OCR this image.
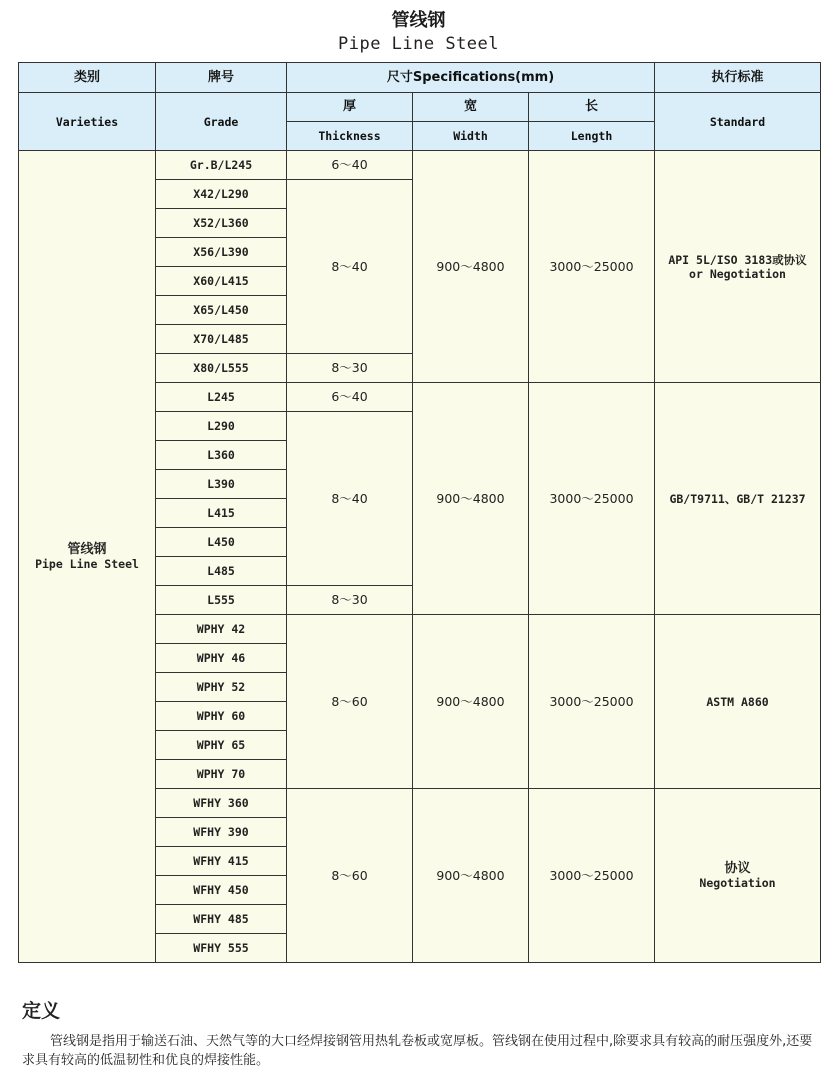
管线钢
Pipe Line Steel
类别	牌号	尺寸Specifications(mm)			执行标准
Varieties	Grade	厚	宽	长	Standard
		Thickness	Width	Length	

管线钢
Pipe Line Steel	Gr.B/L245	6～40	900～4800	3000～25000	API 5L/ISO 3183或协议
or Negotiation

	X42/L290	8～40			
	X52/L360				
	X56/L390				
	X60/L415				
	X65/L450				
	X70/L485				
	X80/L555	8～30			
	L245	6～40	900～4800	3000～25000	GB/T9711、GB/T 21237
	L290	8～40			
	L360				
	L390				
	L415				
	L450				
	L485				
	L555	8～30			
	WPHY 42	8～60	900～4800	3000～25000	ASTM A860
	WPHY 46				
	WPHY 52				
	WPHY 60				
	WPHY 65				
	WPHY 70				
	WFHY 360	8～60	900～4800	3000～25000	协议
Negotiation

	WFHY 390				
	WFHY 415				
	WFHY 450				
	WFHY 485				
	WFHY 555				
定义
管线钢是指用于输送石油、天然气等的大口经焊接钢管用热轧卷板或宽厚板。管线钢在使用过程中,除要求具有较高的耐压强度外,还要求具有较高的低温韧性和优良的焊接性能。
